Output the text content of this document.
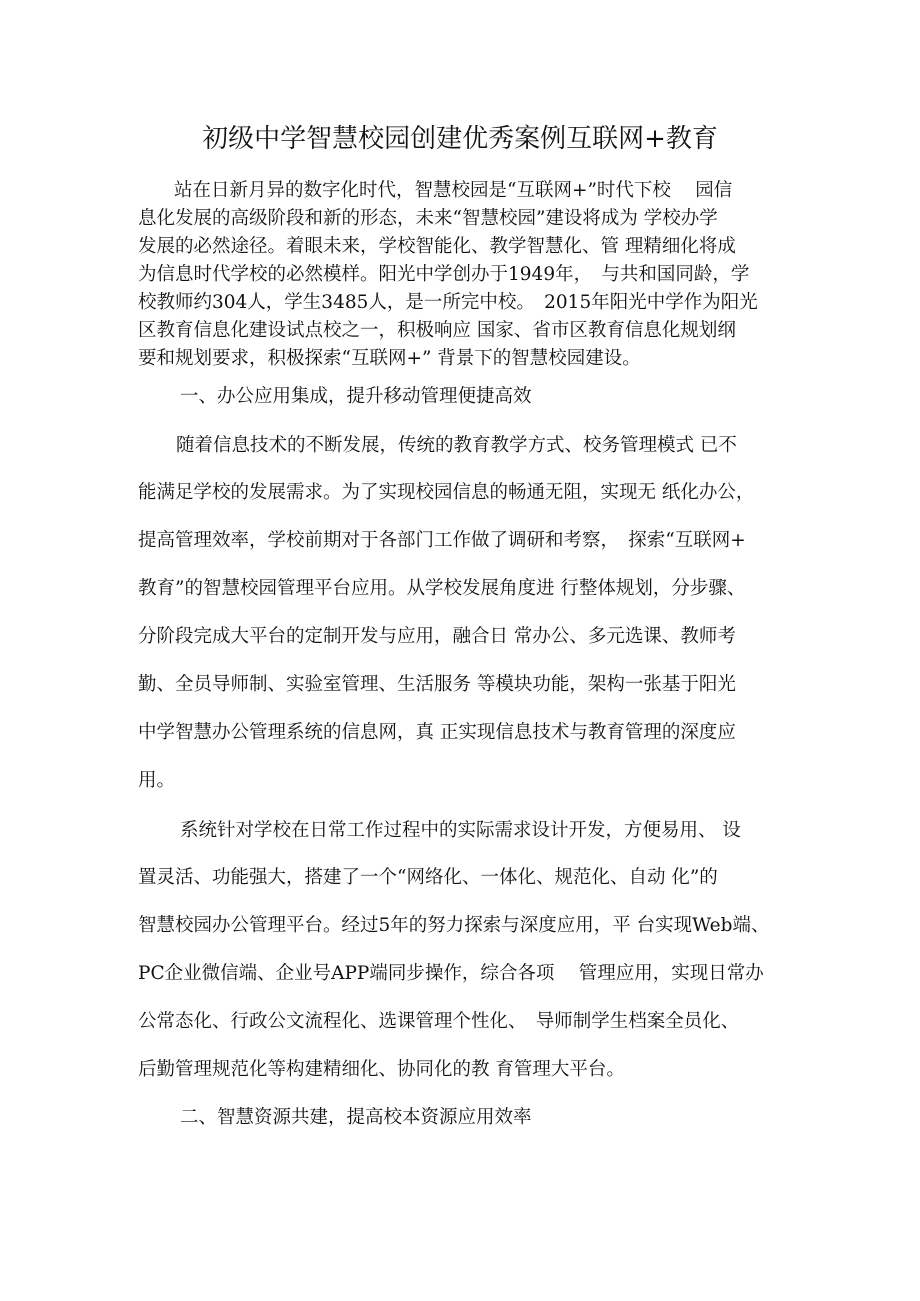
初级中学智慧校园创建优秀案例互联网+教育
站在日新月异的数字化时代，智慧校园是“互联网+”时代下校　 园信
息化发展的高级阶段和新的形态，未来“智慧校园”建设将成为 学校办学
发展的必然途径。着眼未来，学校智能化、教学智慧化、管 理精细化将成
为信息时代学校的必然模样。阳光中学创办于1949年，　与共和国同龄，学
校教师约304人，学生3485人，是一所完中校。　2015年阳光中学作为阳光
区教育信息化建设试点校之一，积极响应 国家、省市区教育信息化规划纲
要和规划要求，积极探索“互联网+” 背景下的智慧校园建设。
一、办公应用集成，提升移动管理便捷高效
随着信息技术的不断发展，传统的教育教学方式、校务管理模式 已不
能满足学校的发展需求。为了实现校园信息的畅通无阻，实现无 纸化办公，
提高管理效率，学校前期对于各部门工作做了调研和考察，　探索“互联网+
教育”的智慧校园管理平台应用。从学校发展角度进 行整体规划，分步骤、
分阶段完成大平台的定制开发与应用，融合日 常办公、多元选课、教师考
勤、全员导师制、实验室管理、生活服务 等模块功能，架构一张基于阳光
中学智慧办公管理系统的信息网，真 正实现信息技术与教育管理的深度应
用。
系统针对学校在日常工作过程中的实际需求设计开发，方便易用、 设
置灵活、功能强大，搭建了一个“网络化、一体化、规范化、自动 化”的
智慧校园办公管理平台。经过5年的努力探索与深度应用，平 台实现Web端、
PC企业微信端、企业号APP端同步操作，综合各项　 管理应用，实现日常办
公常态化、行政公文流程化、选课管理个性化、　导师制学生档案全员化、
后勤管理规范化等构建精细化、协同化的教 育管理大平台。
二、智慧资源共建，提高校本资源应用效率
